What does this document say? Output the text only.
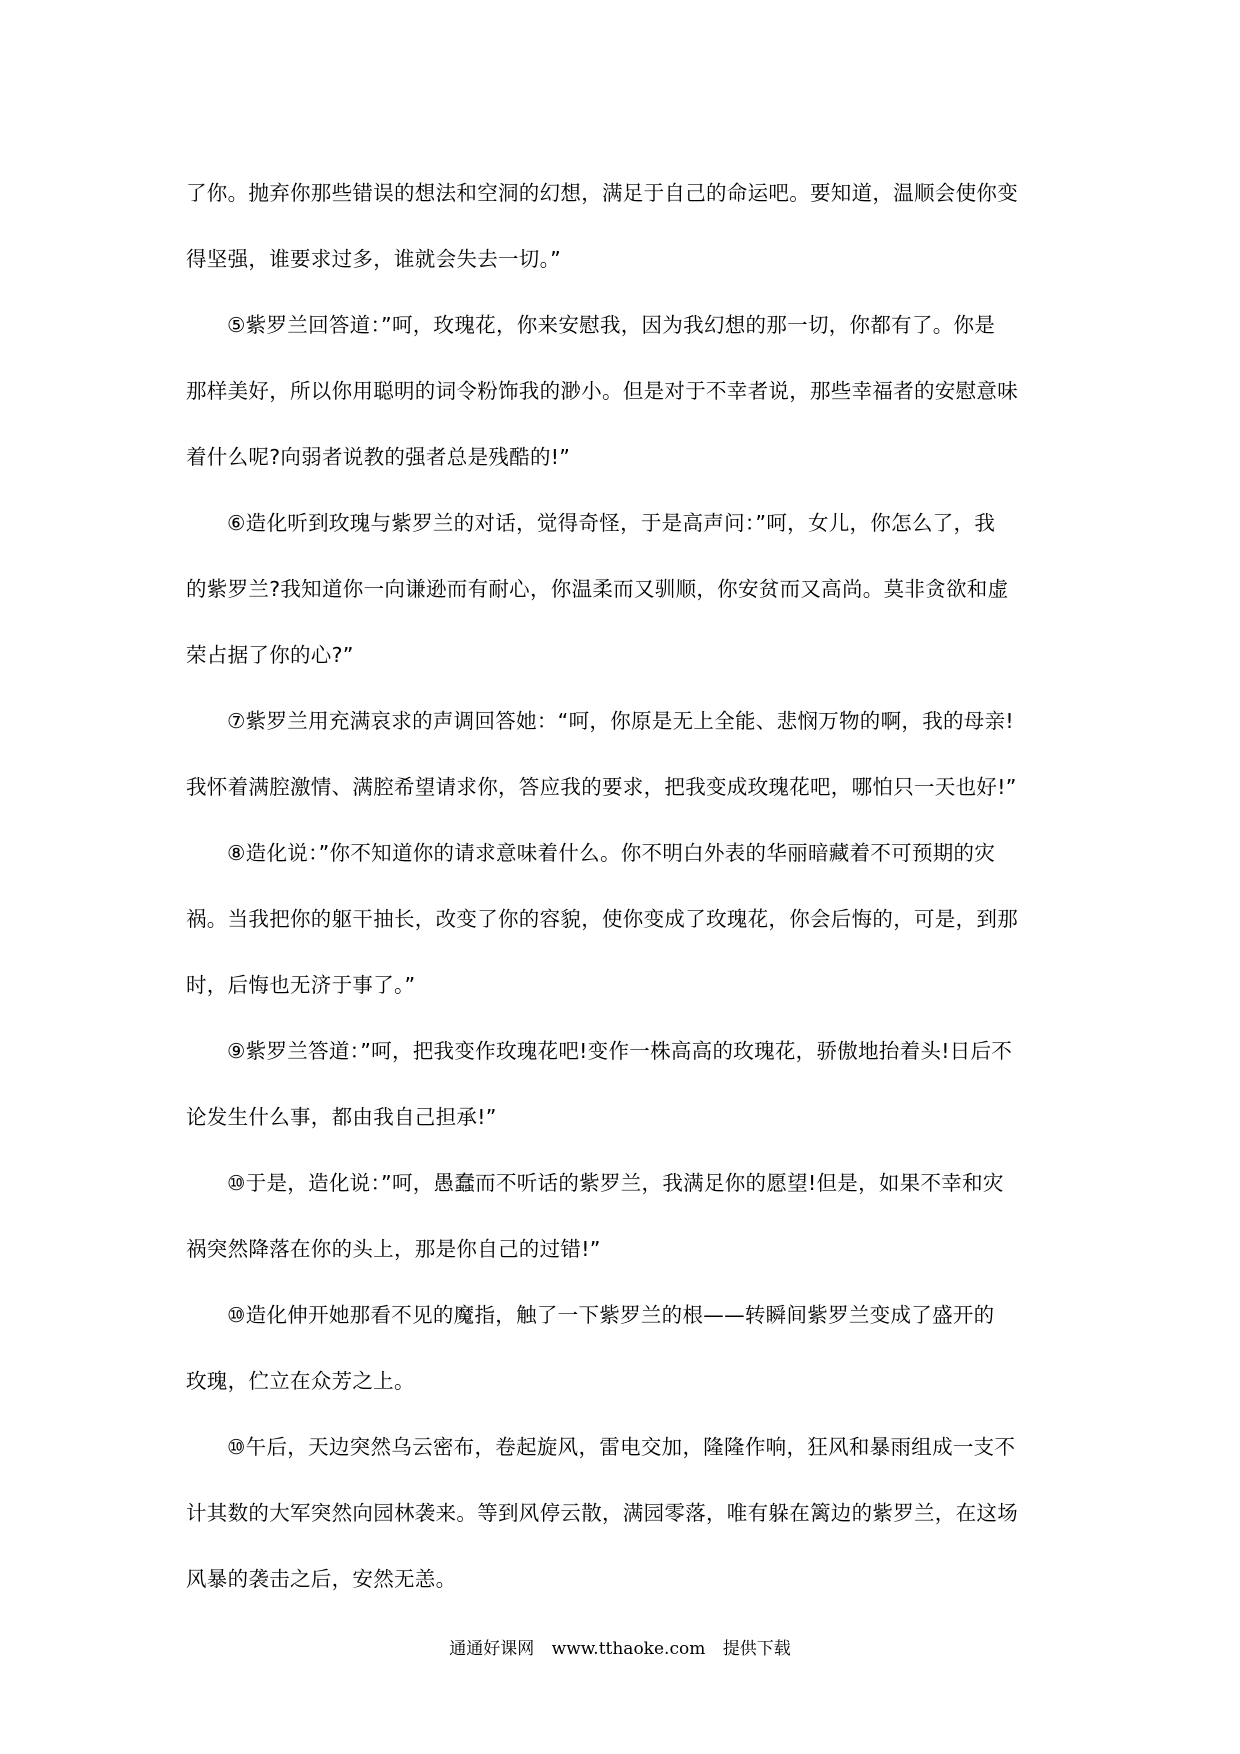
了你。抛弃你那些错误的想法和空洞的幻想，满足于自己的命运吧。要知道，温顺会使你变
得坚强，谁要求过多，谁就会失去一切。”
⑤紫罗兰回答道：”呵，玫瑰花，你来安慰我，因为我幻想的那一切，你都有了。你是
那样美好，所以你用聪明的词令粉饰我的渺小。但是对于不幸者说，那些幸福者的安慰意味
着什么呢?向弱者说教的强者总是残酷的!”
⑥造化听到玫瑰与紫罗兰的对话，觉得奇怪，于是高声问：”呵，女儿，你怎么了，我
的紫罗兰?我知道你一向谦逊而有耐心，你温柔而又驯顺，你安贫而又高尚。莫非贪欲和虚
荣占据了你的心?”
⑦紫罗兰用充满哀求的声调回答她：“呵，你原是无上全能、悲悯万物的啊，我的母亲!
我怀着满腔激情、满腔希望请求你，答应我的要求，把我变成玫瑰花吧，哪怕只一天也好!”
⑧造化说：”你不知道你的请求意味着什么。你不明白外表的华丽暗藏着不可预期的灾
祸。当我把你的躯干抽长，改变了你的容貌，使你变成了玫瑰花，你会后悔的，可是，到那
时，后悔也无济于事了。”
⑨紫罗兰答道：”呵，把我变作玫瑰花吧!变作一株高高的玫瑰花，骄傲地抬着头!日后不
论发生什么事，都由我自己担承!”
⑩于是，造化说：”呵，愚蠢而不听话的紫罗兰，我满足你的愿望!但是，如果不幸和灾
祸突然降落在你的头上，那是你自己的过错!”
⑩造化伸开她那看不见的魔指，触了一下紫罗兰的根——转瞬间紫罗兰变成了盛开的
玫瑰，伫立在众芳之上。
⑩午后，天边突然乌云密布，卷起旋风，雷电交加，隆隆作响，狂风和暴雨组成一支不
计其数的大军突然向园林袭来。等到风停云散，满园零落，唯有躲在篱边的紫罗兰，在这场
风暴的袭击之后，安然无恙。
通通好课网 www.tthaoke.com 提供下载
